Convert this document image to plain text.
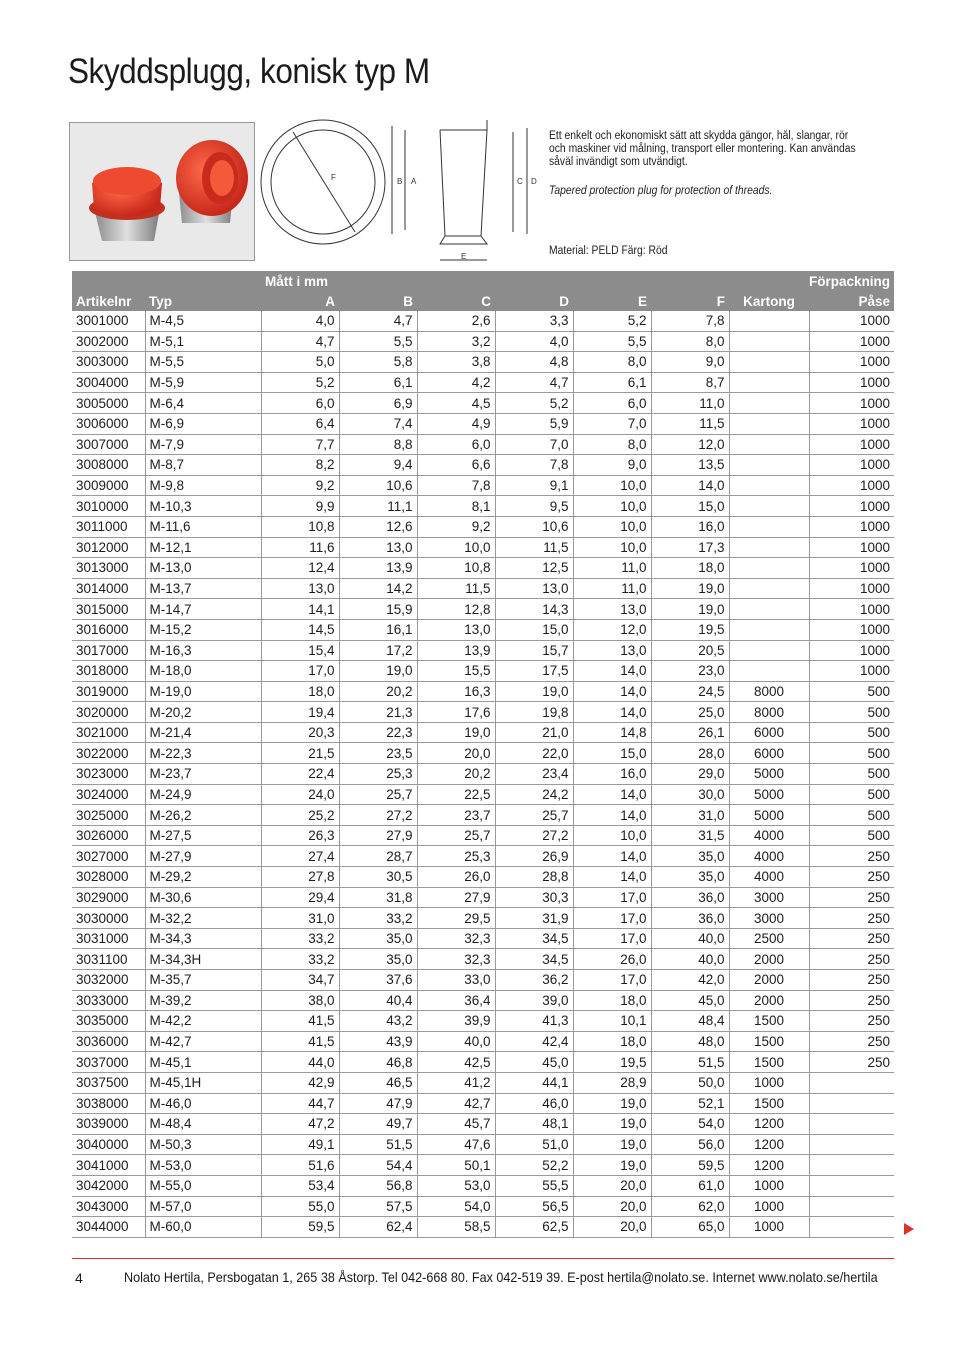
Skyddsplugg, konisk typ M
F	B A	C D
E
Ett enkelt och ekonomiskt sätt att skydda gängor, hål, slangar, rör och maskiner vid målning, transport eller montering. Kan användas såväl invändigt som utvändigt.
Tapered protection plug for protection of threads.
Material: PELD Färg: Röd
		Mått i mm						Förpackning	
Artikelnr	Typ	A	B	C	D	E	F	Kartong	Påse
3001000	M-4,5	4,0	4,7	2,6	3,3	5,2	7,8		1000
3002000	M-5,1	4,7	5,5	3,2	4,0	5,5	8,0		1000
3003000	M-5,5	5,0	5,8	3,8	4,8	8,0	9,0		1000
3004000	M-5,9	5,2	6,1	4,2	4,7	6,1	8,7		1000
3005000	M-6,4	6,0	6,9	4,5	5,2	6,0	11,0		1000
3006000	M-6,9	6,4	7,4	4,9	5,9	7,0	11,5		1000
3007000	M-7,9	7,7	8,8	6,0	7,0	8,0	12,0		1000
3008000	M-8,7	8,2	9,4	6,6	7,8	9,0	13,5		1000
3009000	M-9,8	9,2	10,6	7,8	9,1	10,0	14,0		1000
3010000	M-10,3	9,9	11,1	8,1	9,5	10,0	15,0		1000
3011000	M-11,6	10,8	12,6	9,2	10,6	10,0	16,0		1000
3012000	M-12,1	11,6	13,0	10,0	11,5	10,0	17,3		1000
3013000	M-13,0	12,4	13,9	10,8	12,5	11,0	18,0		1000
3014000	M-13,7	13,0	14,2	11,5	13,0	11,0	19,0		1000
3015000	M-14,7	14,1	15,9	12,8	14,3	13,0	19,0		1000
3016000	M-15,2	14,5	16,1	13,0	15,0	12,0	19,5		1000
3017000	M-16,3	15,4	17,2	13,9	15,7	13,0	20,5		1000
3018000	M-18,0	17,0	19,0	15,5	17,5	14,0	23,0		1000
3019000	M-19,0	18,0	20,2	16,3	19,0	14,0	24,5	8000	500
3020000	M-20,2	19,4	21,3	17,6	19,8	14,0	25,0	8000	500
3021000	M-21,4	20,3	22,3	19,0	21,0	14,8	26,1	6000	500
3022000	M-22,3	21,5	23,5	20,0	22,0	15,0	28,0	6000	500
3023000	M-23,7	22,4	25,3	20,2	23,4	16,0	29,0	5000	500
3024000	M-24,9	24,0	25,7	22,5	24,2	14,0	30,0	5000	500
3025000	M-26,2	25,2	27,2	23,7	25,7	14,0	31,0	5000	500
3026000	M-27,5	26,3	27,9	25,7	27,2	10,0	31,5	4000	500
3027000	M-27,9	27,4	28,7	25,3	26,9	14,0	35,0	4000	250
3028000	M-29,2	27,8	30,5	26,0	28,8	14,0	35,0	4000	250
3029000	M-30,6	29,4	31,8	27,9	30,3	17,0	36,0	3000	250
3030000	M-32,2	31,0	33,2	29,5	31,9	17,0	36,0	3000	250
3031000	M-34,3	33,2	35,0	32,3	34,5	17,0	40,0	2500	250
3031100	M-34,3H	33,2	35,0	32,3	34,5	26,0	40,0	2000	250
3032000	M-35,7	34,7	37,6	33,0	36,2	17,0	42,0	2000	250
3033000	M-39,2	38,0	40,4	36,4	39,0	18,0	45,0	2000	250
3035000	M-42,2	41,5	43,2	39,9	41,3	10,1	48,4	1500	250
3036000	M-42,7	41,5	43,9	40,0	42,4	18,0	48,0	1500	250
3037000	M-45,1	44,0	46,8	42,5	45,0	19,5	51,5	1500	250
3037500	M-45,1H	42,9	46,5	41,2	44,1	28,9	50,0	1000	
3038000	M-46,0	44,7	47,9	42,7	46,0	19,0	52,1	1500	
3039000	M-48,4	47,2	49,7	45,7	48,1	19,0	54,0	1200	
3040000	M-50,3	49,1	51,5	47,6	51,0	19,0	56,0	1200	
3041000	M-53,0	51,6	54,4	50,1	52,2	19,0	59,5	1200	
3042000	M-55,0	53,4	56,8	53,0	55,5	20,0	61,0	1000	
3043000	M-57,0	55,0	57,5	54,0	56,5	20,0	62,0	1000	
3044000	M-60,0	59,5	62,4	58,5	62,5	20,0	65,0	1000	
4	Nolato Hertila, Persbogatan 1, 265 38 Åstorp. Tel 042-668 80. Fax 042-519 39. E-post hertila@nolato.se. Internet www.nolato.se/hertila
